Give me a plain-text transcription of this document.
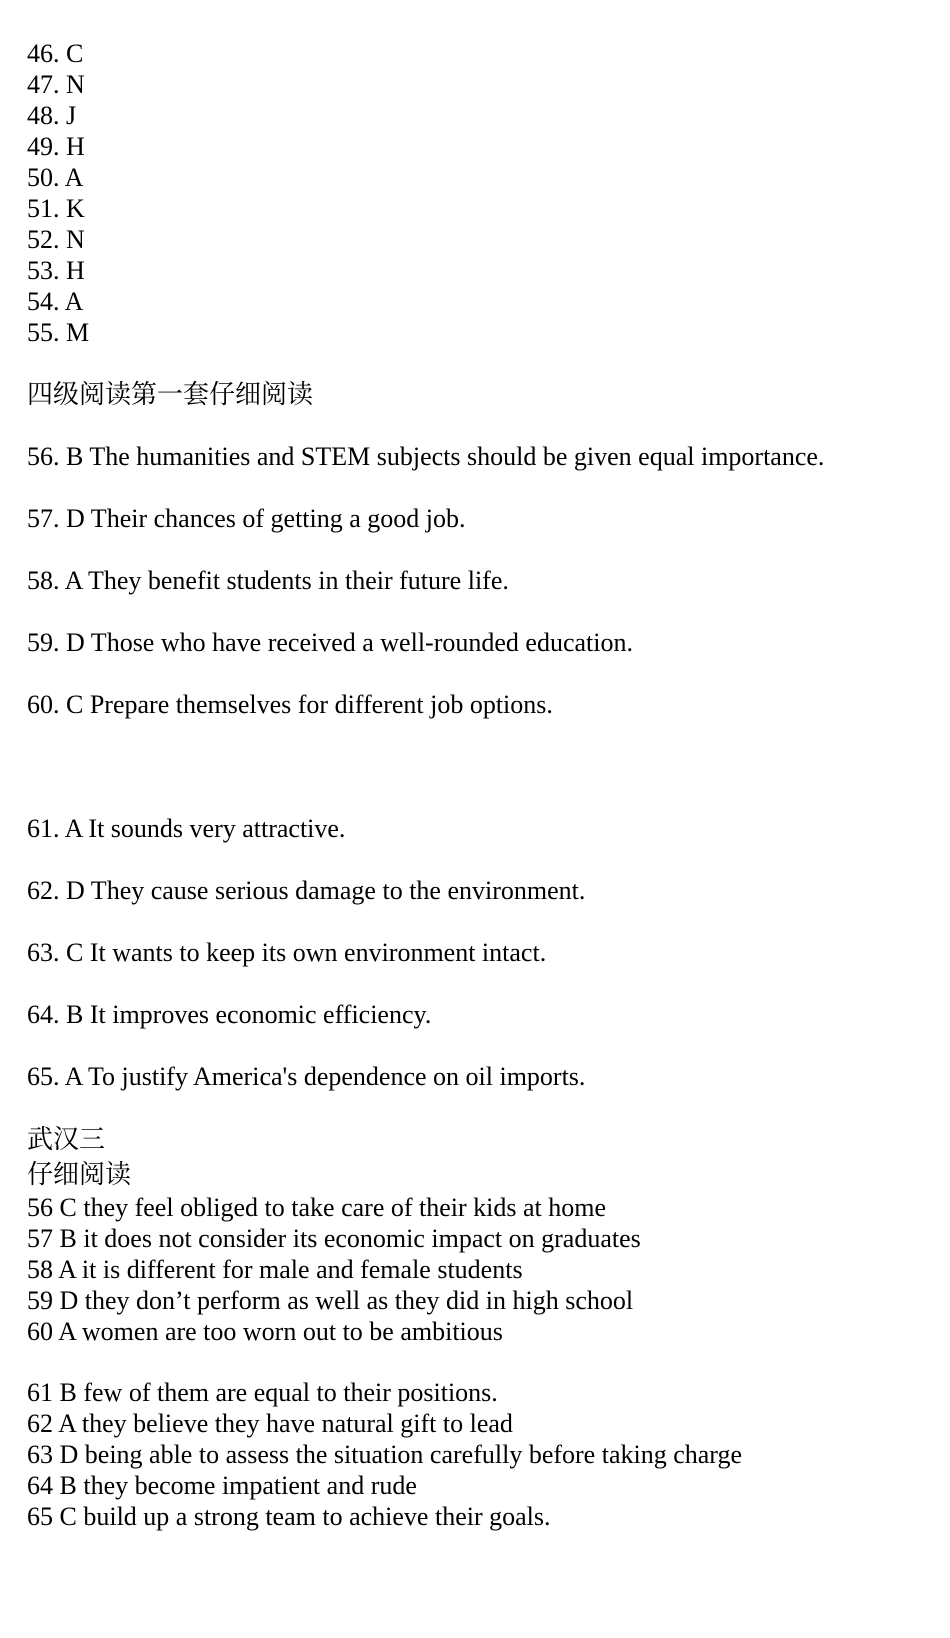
46. C
47. N
48. J
49. H
50. A
51. K
52. N
53. H
54. A
55. M
四级阅读第一套仔细阅读
56. B The humanities and STEM subjects should be given equal importance.
57. D Their chances of getting a good job.
58. A They benefit students in their future life.
59. D Those who have received a well-rounded education.
60. C Prepare themselves for different job options.
61. A It sounds very attractive.
62. D They cause serious damage to the environment.
63. C It wants to keep its own environment intact.
64. B It improves economic efficiency.
65. A To justify America's dependence on oil imports.
武汉三
仔细阅读
56 C they feel obliged to take care of their kids at home
57 B it does not consider its economic impact on graduates
58 A it is different for male and female students
59 D they don’t perform as well as they did in high school
60 A women are too worn out to be ambitious
61 B few of them are equal to their positions.
62 A they believe they have natural gift to lead
63 D being able to assess the situation carefully before taking charge
64 B they become impatient and rude
65 C build up a strong team to achieve their goals.
